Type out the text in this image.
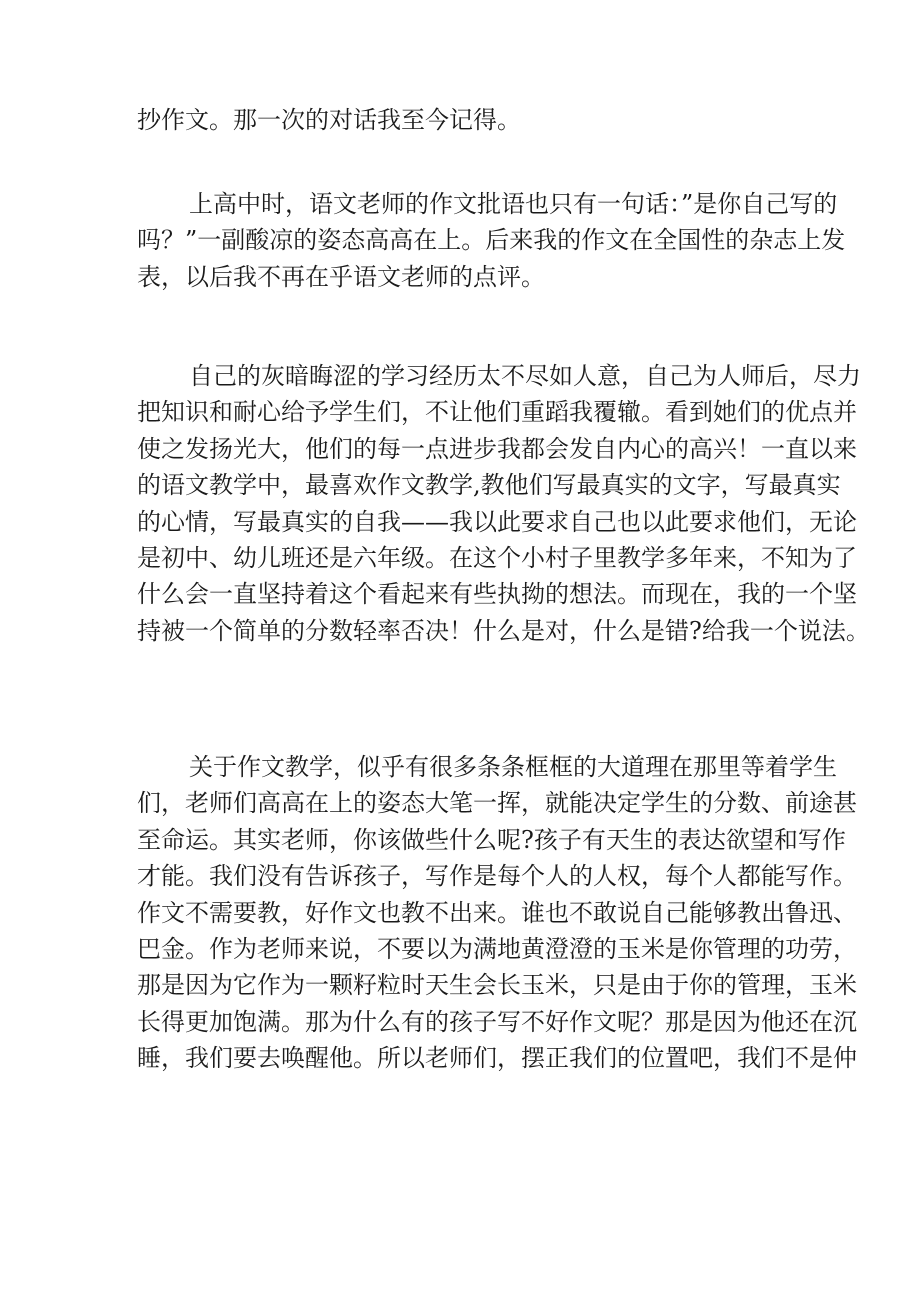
抄作文。那一次的对话我至今记得。
上高中时，语文老师的作文批语也只有一句话：”是你自己写的
吗？”一副酸凉的姿态高高在上。后来我的作文在全国性的杂志上发
表，以后我不再在乎语文老师的点评。
自己的灰暗晦涩的学习经历太不尽如人意，自己为人师后，尽力
把知识和耐心给予学生们，不让他们重蹈我覆辙。看到她们的优点并
使之发扬光大，他们的每一点进步我都会发自内心的高兴！一直以来
的语文教学中，最喜欢作文教学,教他们写最真实的文字，写最真实
的心情，写最真实的自我——我以此要求自己也以此要求他们，无论
是初中、幼儿班还是六年级。在这个小村子里教学多年来，不知为了
什么会一直坚持着这个看起来有些执拗的想法。而现在，我的一个坚
持被一个简单的分数轻率否决！什么是对，什么是错?给我一个说法。
关于作文教学，似乎有很多条条框框的大道理在那里等着学生
们，老师们高高在上的姿态大笔一挥，就能决定学生的分数、前途甚
至命运。其实老师，你该做些什么呢?孩子有天生的表达欲望和写作
才能。我们没有告诉孩子，写作是每个人的人权，每个人都能写作。
作文不需要教，好作文也教不出来。谁也不敢说自己能够教出鲁迅、
巴金。作为老师来说，不要以为满地黄澄澄的玉米是你管理的功劳，
那是因为它作为一颗籽粒时天生会长玉米，只是由于你的管理，玉米
长得更加饱满。那为什么有的孩子写不好作文呢？那是因为他还在沉
睡，我们要去唤醒他。所以老师们，摆正我们的位置吧，我们不是仲
